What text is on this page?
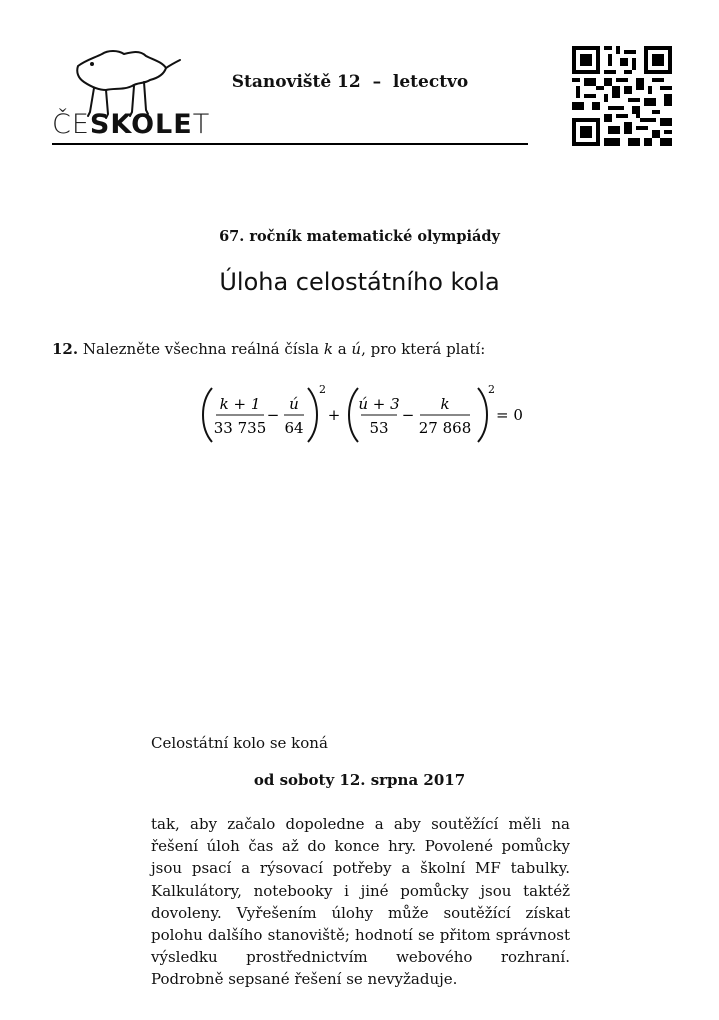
ČESKOLET
Stanoviště 12 – letectvo
67. ročník matematické olympiády
Úloha celostátního kola
12. Nalezněte všechna reálná čísla k a ú, pro která platí:
k + 1
33 735
−
ú
64
2
+
ú + 3
53
−
k
27 868
2
= 0
Celostátní kolo se koná
od soboty 12. srpna 2017

tak, aby začalo dopoledne a aby soutěžící měli na řešení úloh čas až do konce hry. Povolené pomůcky jsou psací a rýsovací potřeby a školní MF tabulky. Kalkulátory, notebooky i jiné pomůcky jsou taktéž dovoleny. Vyřešením úlohy může soutěžící získat polohu dalšího stanoviště; hodnotí se přitom správnost výsledku prostřednictvím webového rozhraní. Podrobně sepsané řešení se nevyžaduje.
